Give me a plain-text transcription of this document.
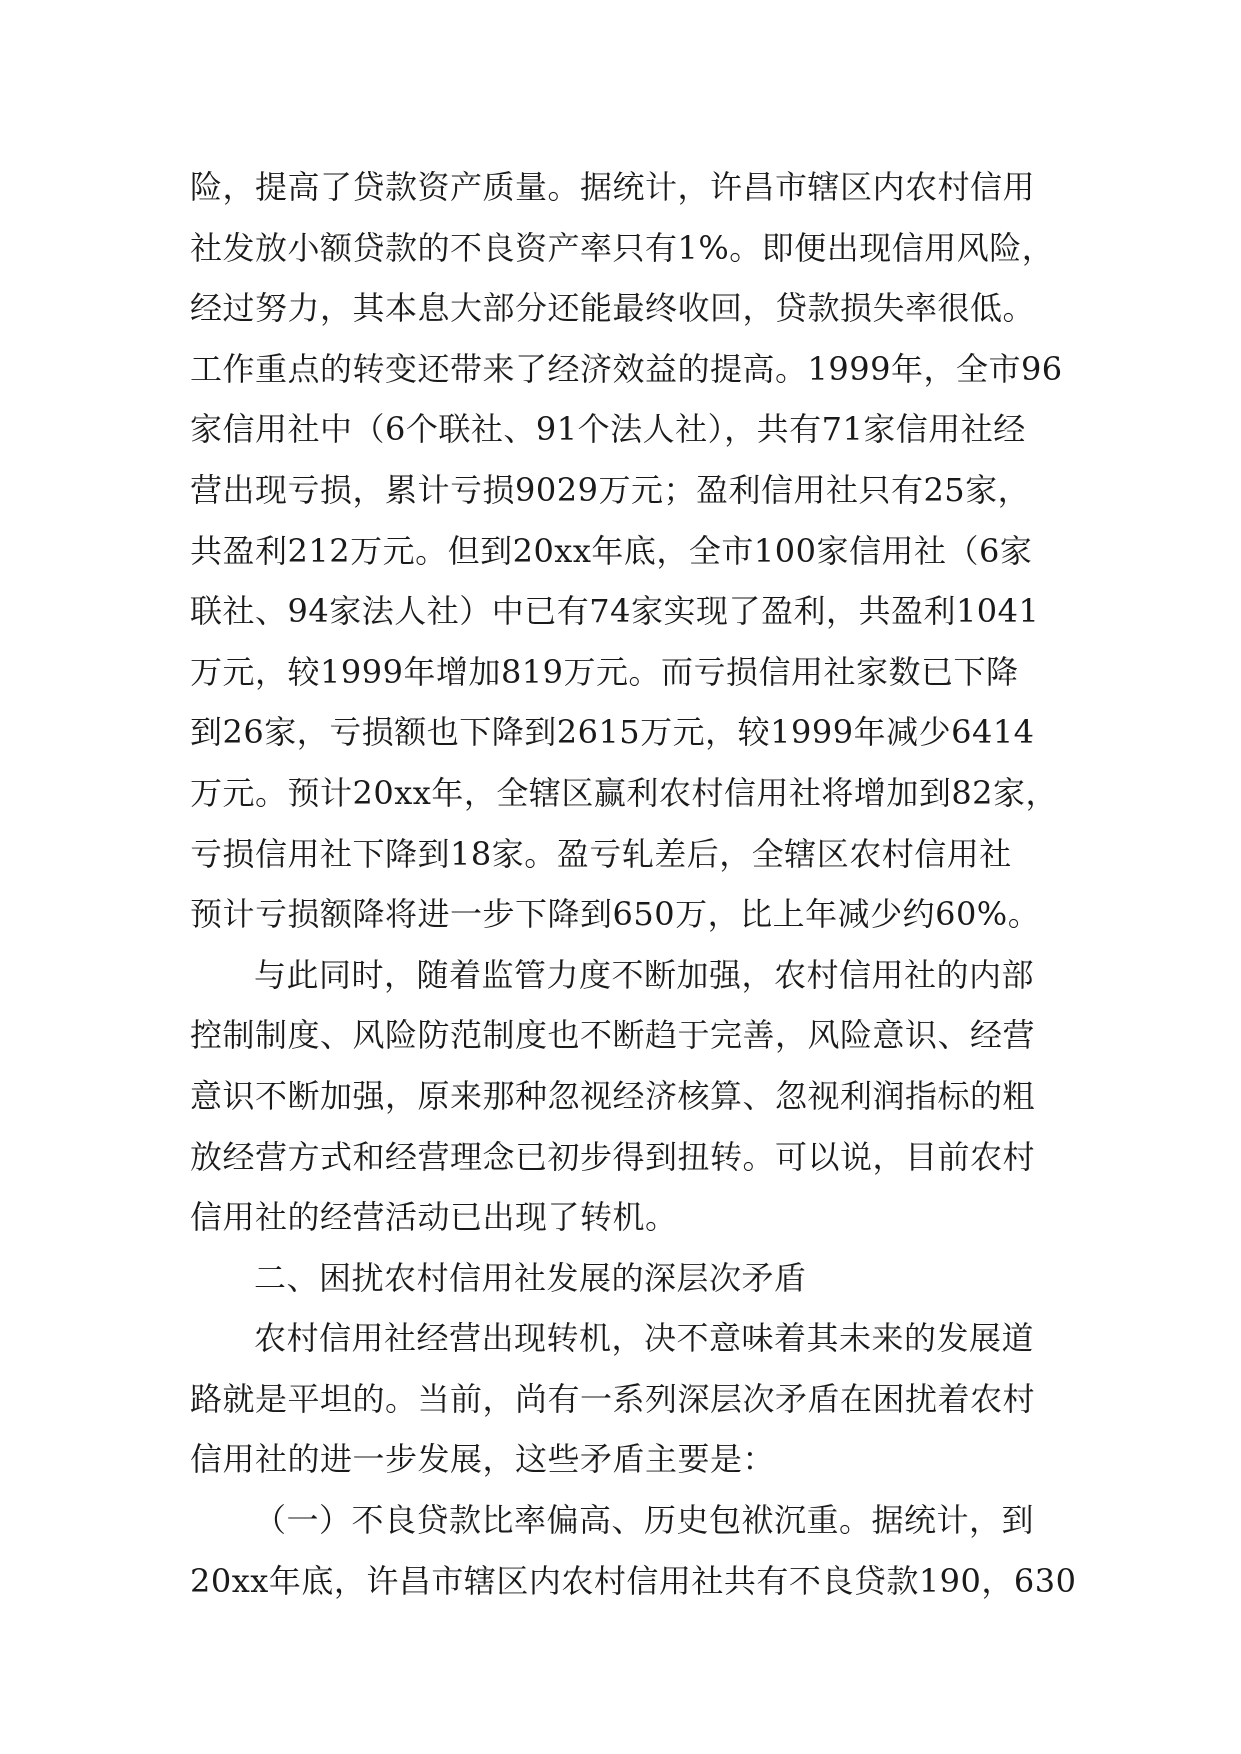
险，提高了贷款资产质量。据统计，许昌市辖区内农村信用
社发放小额贷款的不良资产率只有1%。即便出现信用风险，
经过努力，其本息大部分还能最终收回，贷款损失率很低。
工作重点的转变还带来了经济效益的提高。1999年，全市96
家信用社中（6个联社、91个法人社），共有71家信用社经
营出现亏损，累计亏损9029万元；盈利信用社只有25家，
共盈利212万元。但到20xx年底，全市100家信用社（6家
联社、94家法人社）中已有74家实现了盈利，共盈利1041
万元，较1999年增加819万元。而亏损信用社家数已下降
到26家，亏损额也下降到2615万元，较1999年减少6414
万元。预计20xx年，全辖区赢利农村信用社将增加到82家，
亏损信用社下降到18家。盈亏轧差后，全辖区农村信用社
预计亏损额降将进一步下降到650万，比上年减少约60%。
与此同时，随着监管力度不断加强，农村信用社的内部
控制制度、风险防范制度也不断趋于完善，风险意识、经营
意识不断加强，原来那种忽视经济核算、忽视利润指标的粗
放经营方式和经营理念已初步得到扭转。可以说，目前农村
信用社的经营活动已出现了转机。
二、困扰农村信用社发展的深层次矛盾
农村信用社经营出现转机，决不意味着其未来的发展道
路就是平坦的。当前，尚有一系列深层次矛盾在困扰着农村
信用社的进一步发展，这些矛盾主要是：
（一）不良贷款比率偏高、历史包袱沉重。据统计，到
20xx年底，许昌市辖区内农村信用社共有不良贷款190，630
